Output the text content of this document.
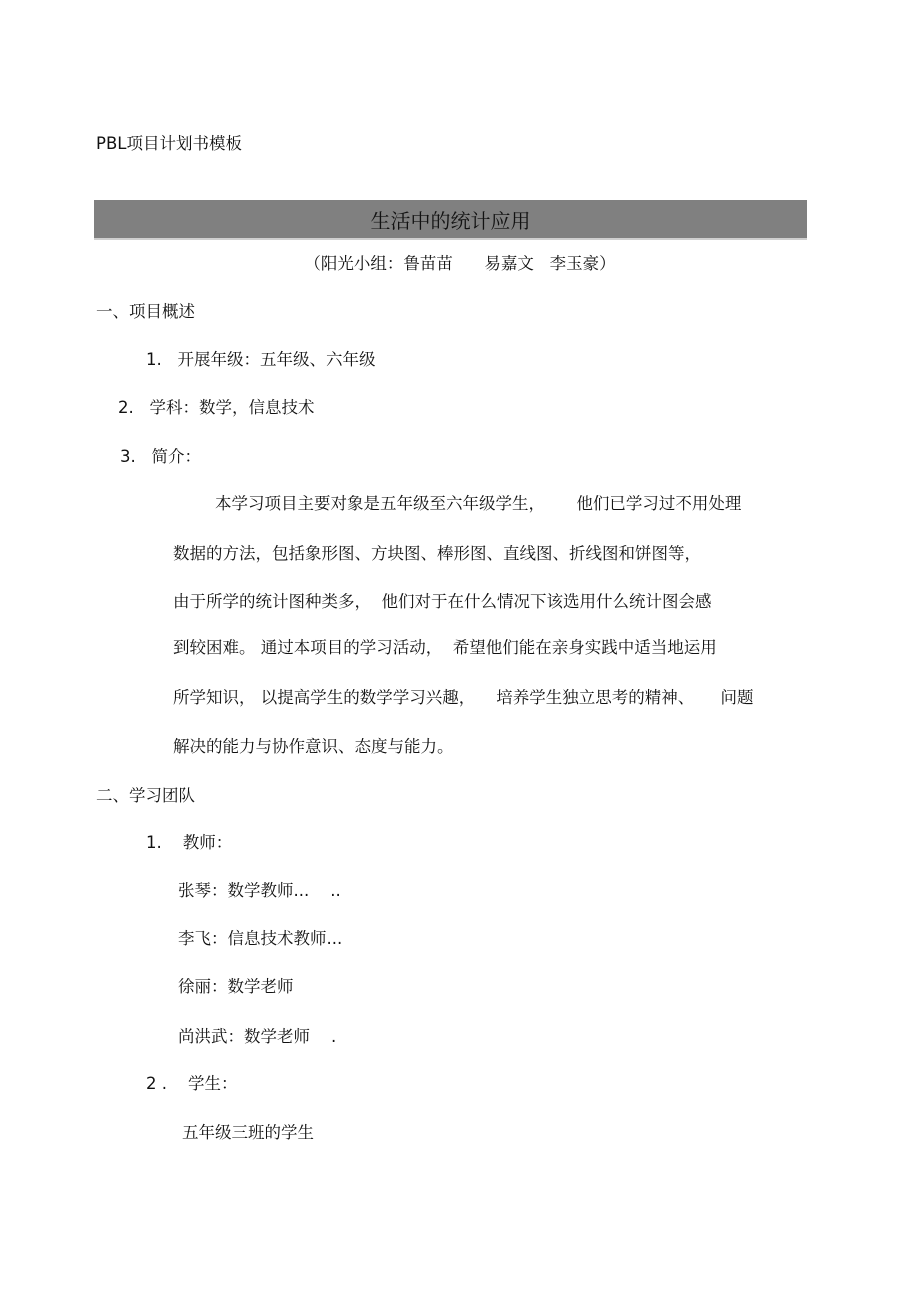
PBL项目计划书模板
生活中的统计应用
（阳光小组：鲁苗苗      易嘉文   李玉豪）
一、项目概述
1.   开展年级：五年级、六年级
2.   学科：数学，信息技术
3.   简介：
本学习项目主要对象是五年级至六年级学生，      他们已学习过不用处理
数据的方法，包括象形图、方块图、棒形图、直线图、折线图和饼图等，
由于所学的统计图种类多，  他们对于在什么情况下该选用什么统计图会感
到较困难。 通过本项目的学习活动，  希望他们能在亲身实践中适当地运用
所学知识， 以提高学生的数学学习兴趣，    培养学生独立思考的精神、     问题
解决的能力与协作意识、态度与能力。
二、学习团队
1.    教师：
张琴：数学教师...    ..
李飞：信息技术教师...
徐丽：数学老师
尚洪武：数学老师    .
2 .    学生：
五年级三班的学生
